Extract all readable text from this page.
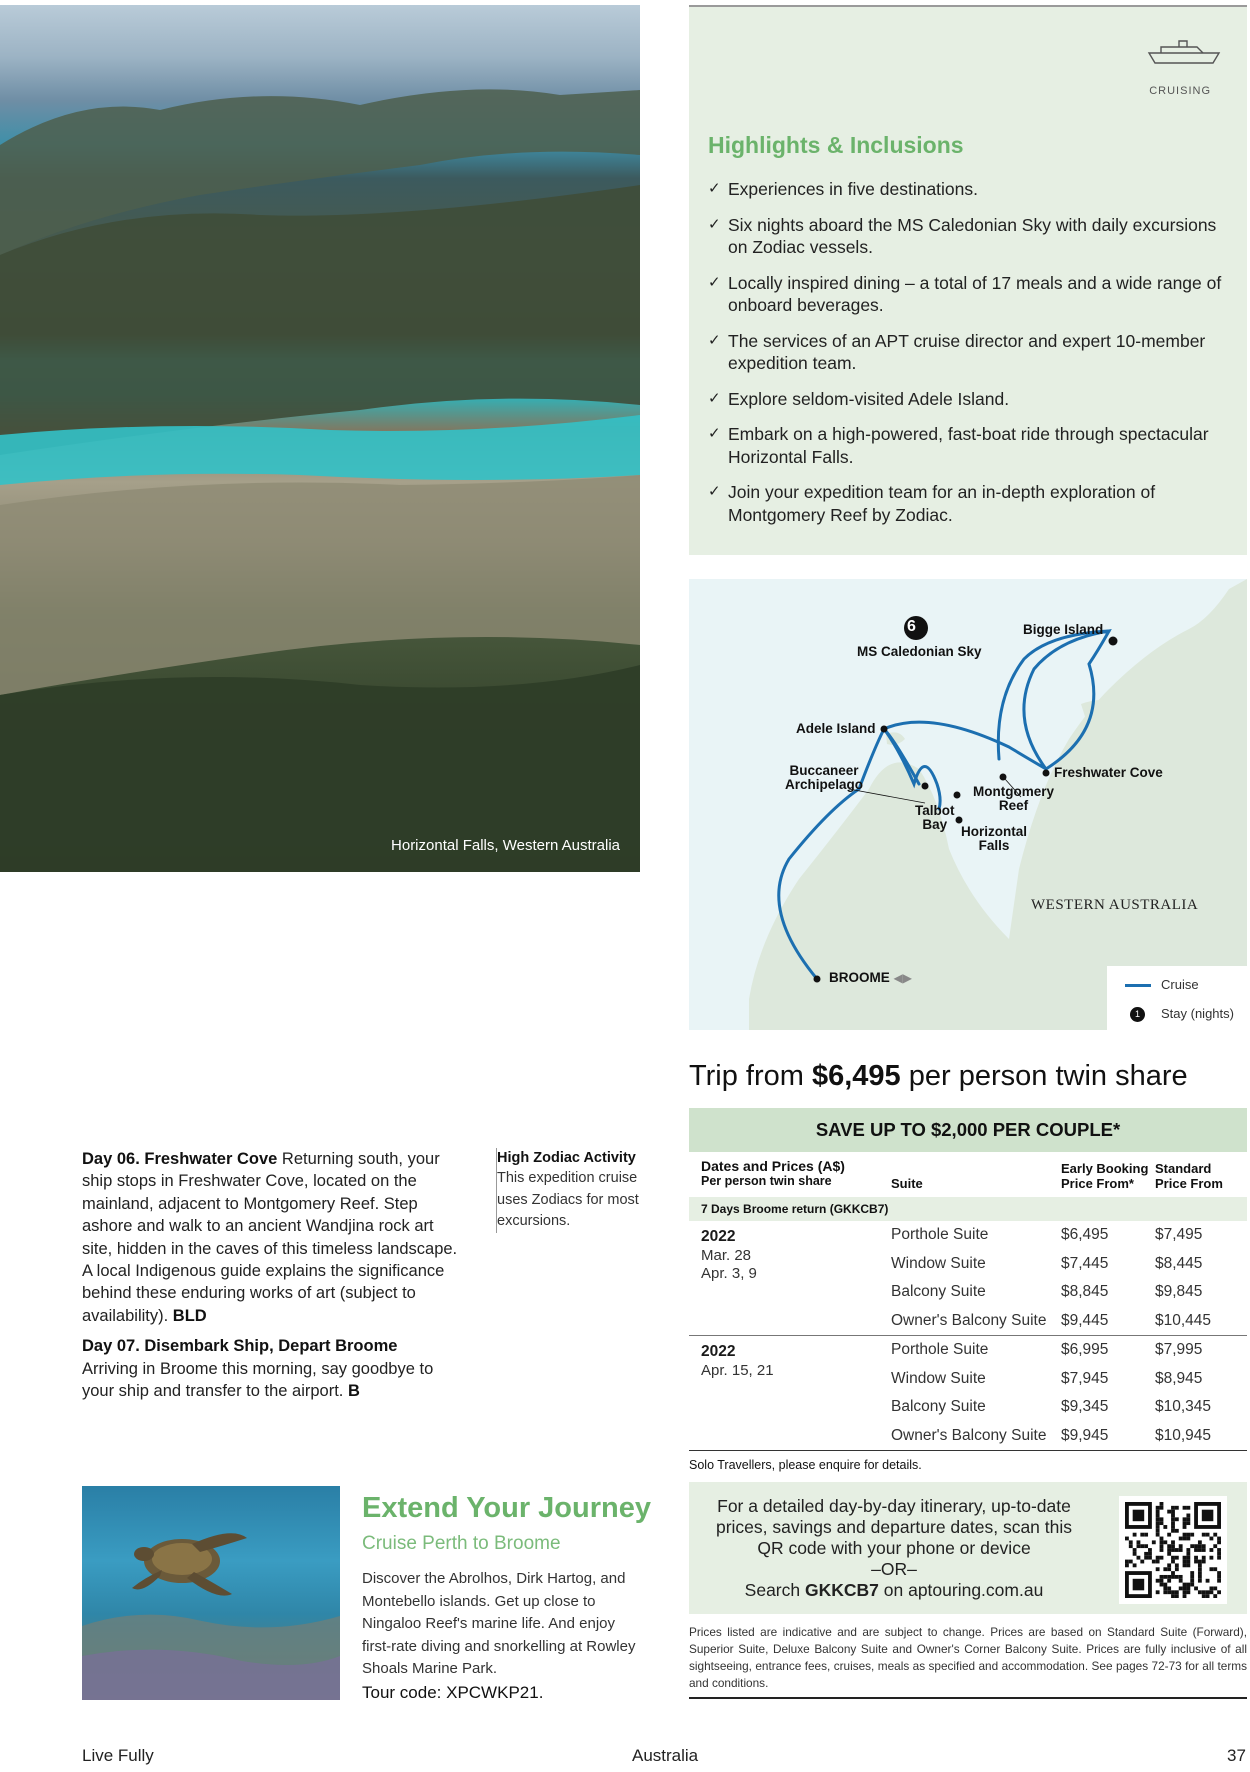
Horizontal Falls, Western Australia
CRUISING
Highlights & Inclusions
✓ Experiences in five destinations.
✓ Six nights aboard the MS Caledonian Sky with daily excursions on Zodiac vessels.
✓ Locally inspired dining – a total of 17 meals and a wide range of onboard beverages.
✓ The services of an APT cruise director and expert 10-member expedition team.
✓ Explore seldom-visited Adele Island.
✓ Embark on a high-powered, fast-boat ride through spectacular Horizontal Falls.
✓ Join your expedition team for an in-depth exploration of Montgomery Reef by Zodiac.
6
MS Caledonian Sky
Bigge Island
Adele Island
Buccaneer
Archipelago	Montgomery
Reef
Freshwater Cove
Talbot
Bay	Horizontal
Falls
BROOME ◀▶
WESTERN AUSTRALIA
Cruise
1	Stay (nights)
Trip from $6,495 per person twin share
SAVE UP TO $2,000 PER COUPLE*
Dates and Prices (A$)
Per person twin share	Suite
Early Booking
Price From*
Standard
Price From
7 Days Broome return (GKKCB7)
2022
Mar. 28
Apr. 3, 9
Porthole Suite	$6,495	$7,495
Window Suite	$7,445	$8,445
Balcony Suite	$8,845	$9,845
Owner's Balcony Suite $9,445	$10,445
2022
Apr. 15, 21
Porthole Suite	$6,995	$7,995
Window Suite	$7,945	$8,945
Balcony Suite	$9,345	$10,345
Owner's Balcony Suite $9,945	$10,945
Solo Travellers, please enquire for details.
For a detailed day-by-day itinerary, up-to-date prices, savings and departure dates, scan this QR code with your phone or device
–OR–
Search GKKCB7 on aptouring.com.au
Prices listed are indicative and are subject to change. Prices are based on Standard Suite (Forward), Superior Suite, Deluxe Balcony Suite and Owner's Corner Balcony Suite. Prices are fully inclusive of all sightseeing, entrance fees, cruises, meals as specified and accommodation. See pages 72-73 for all terms and conditions.

Day 06. Freshwater Cove Returning south, your ship stops in Freshwater Cove, located on the mainland, adjacent to Montgomery Reef. Step ashore and walk to an ancient Wandjina rock art site, hidden in the caves of this timeless landscape. A local Indigenous guide explains the significance behind these enduring works of art (subject to availability). BLD

Day 07. Disembark Ship, Depart Broome
Arriving in Broome this morning, say goodbye to your ship and transfer to the airport. B

High Zodiac Activity
This expedition cruise uses Zodiacs for most excursions.
Extend Your Journey
Cruise Perth to Broome
Discover the Abrolhos, Dirk Hartog, and Montebello islands. Get up close to Ningaloo Reef's marine life. And enjoy first-rate diving and snorkelling at Rowley Shoals Marine Park.
Tour code: XPCWKP21.
Live Fully	Australia	37
